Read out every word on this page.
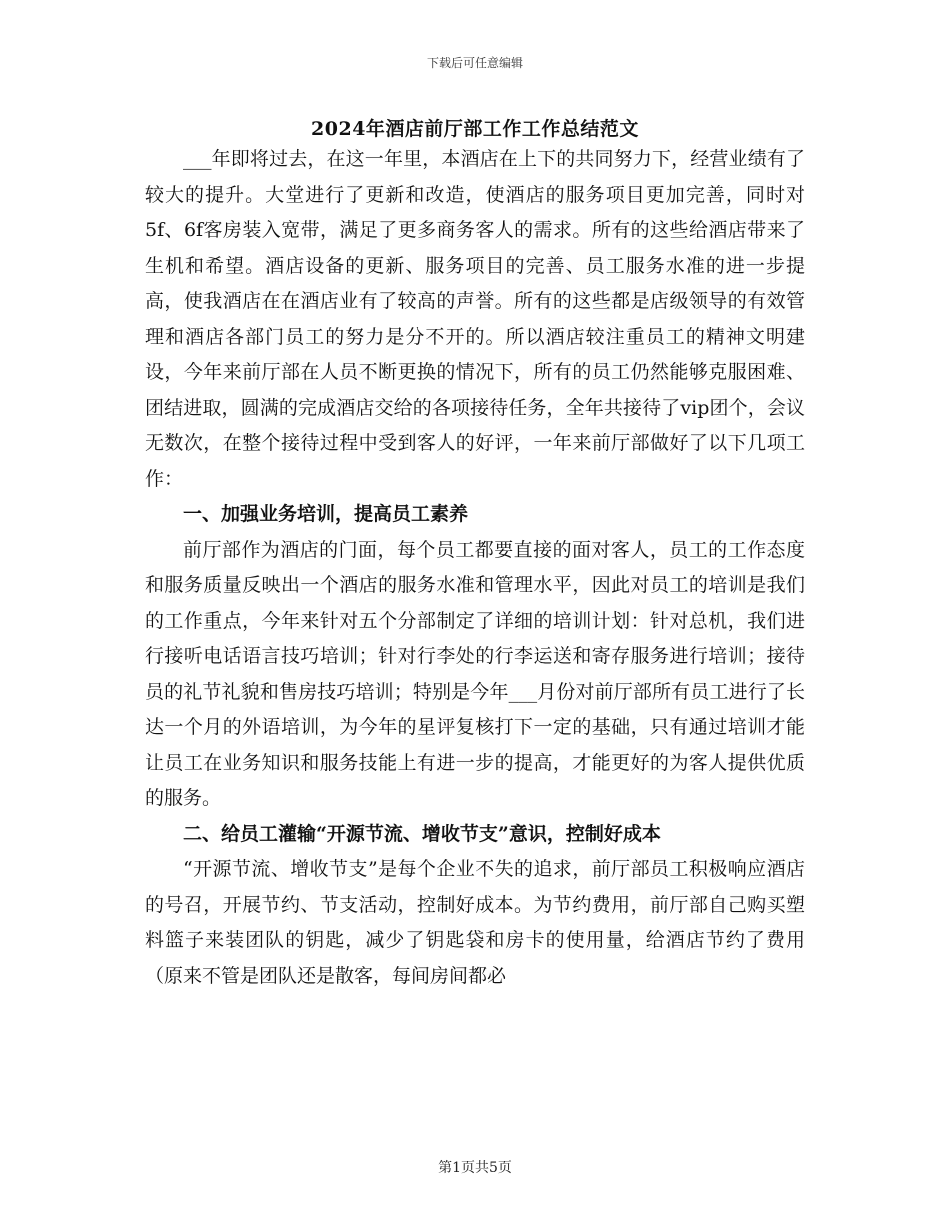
下载后可任意编辑
2024年酒店前厅部工作工作总结范文

___年即将过去，在这一年里，本酒店在上下的共同努力下，经营业绩有了较大的提升。大堂进行了更新和改造，使酒店的服务项目更加完善，同时对5f、6f客房装入宽带，满足了更多商务客人的需求。所有的这些给酒店带来了生机和希望。酒店设备的更新、服务项目的完善、员工服务水准的进一步提高，使我酒店在在酒店业有了较高的声誉。所有的这些都是店级领导的有效管理和酒店各部门员工的努力是分不开的。所以酒店较注重员工的精神文明建设，今年来前厅部在人员不断更换的情况下，所有的员工仍然能够克服困难、团结进取，圆满的完成酒店交给的各项接待任务，全年共接待了vip团个，会议无数次，在整个接待过程中受到客人的好评，一年来前厅部做好了以下几项工作：

一、加强业务培训，提高员工素养

前厅部作为酒店的门面，每个员工都要直接的面对客人，员工的工作态度和服务质量反映出一个酒店的服务水准和管理水平，因此对员工的培训是我们的工作重点，今年来针对五个分部制定了详细的培训计划：针对总机，我们进行接听电话语言技巧培训；针对行李处的行李运送和寄存服务进行培训；接待员的礼节礼貌和售房技巧培训；特别是今年___月份对前厅部所有员工进行了长达一个月的外语培训，为今年的星评复核打下一定的基础，只有通过培训才能让员工在业务知识和服务技能上有进一步的提高，才能更好的为客人提供优质的服务。

二、给员工灌输“开源节流、增收节支”意识，控制好成本

“开源节流、增收节支”是每个企业不失的追求，前厅部员工积极响应酒店的号召，开展节约、节支活动，控制好成本。为节约费用，前厅部自己购买塑料篮子来装团队的钥匙，减少了钥匙袋和房卡的使用量，给酒店节约了费用（原来不管是团队还是散客，每间房间都必

第1页共5页
